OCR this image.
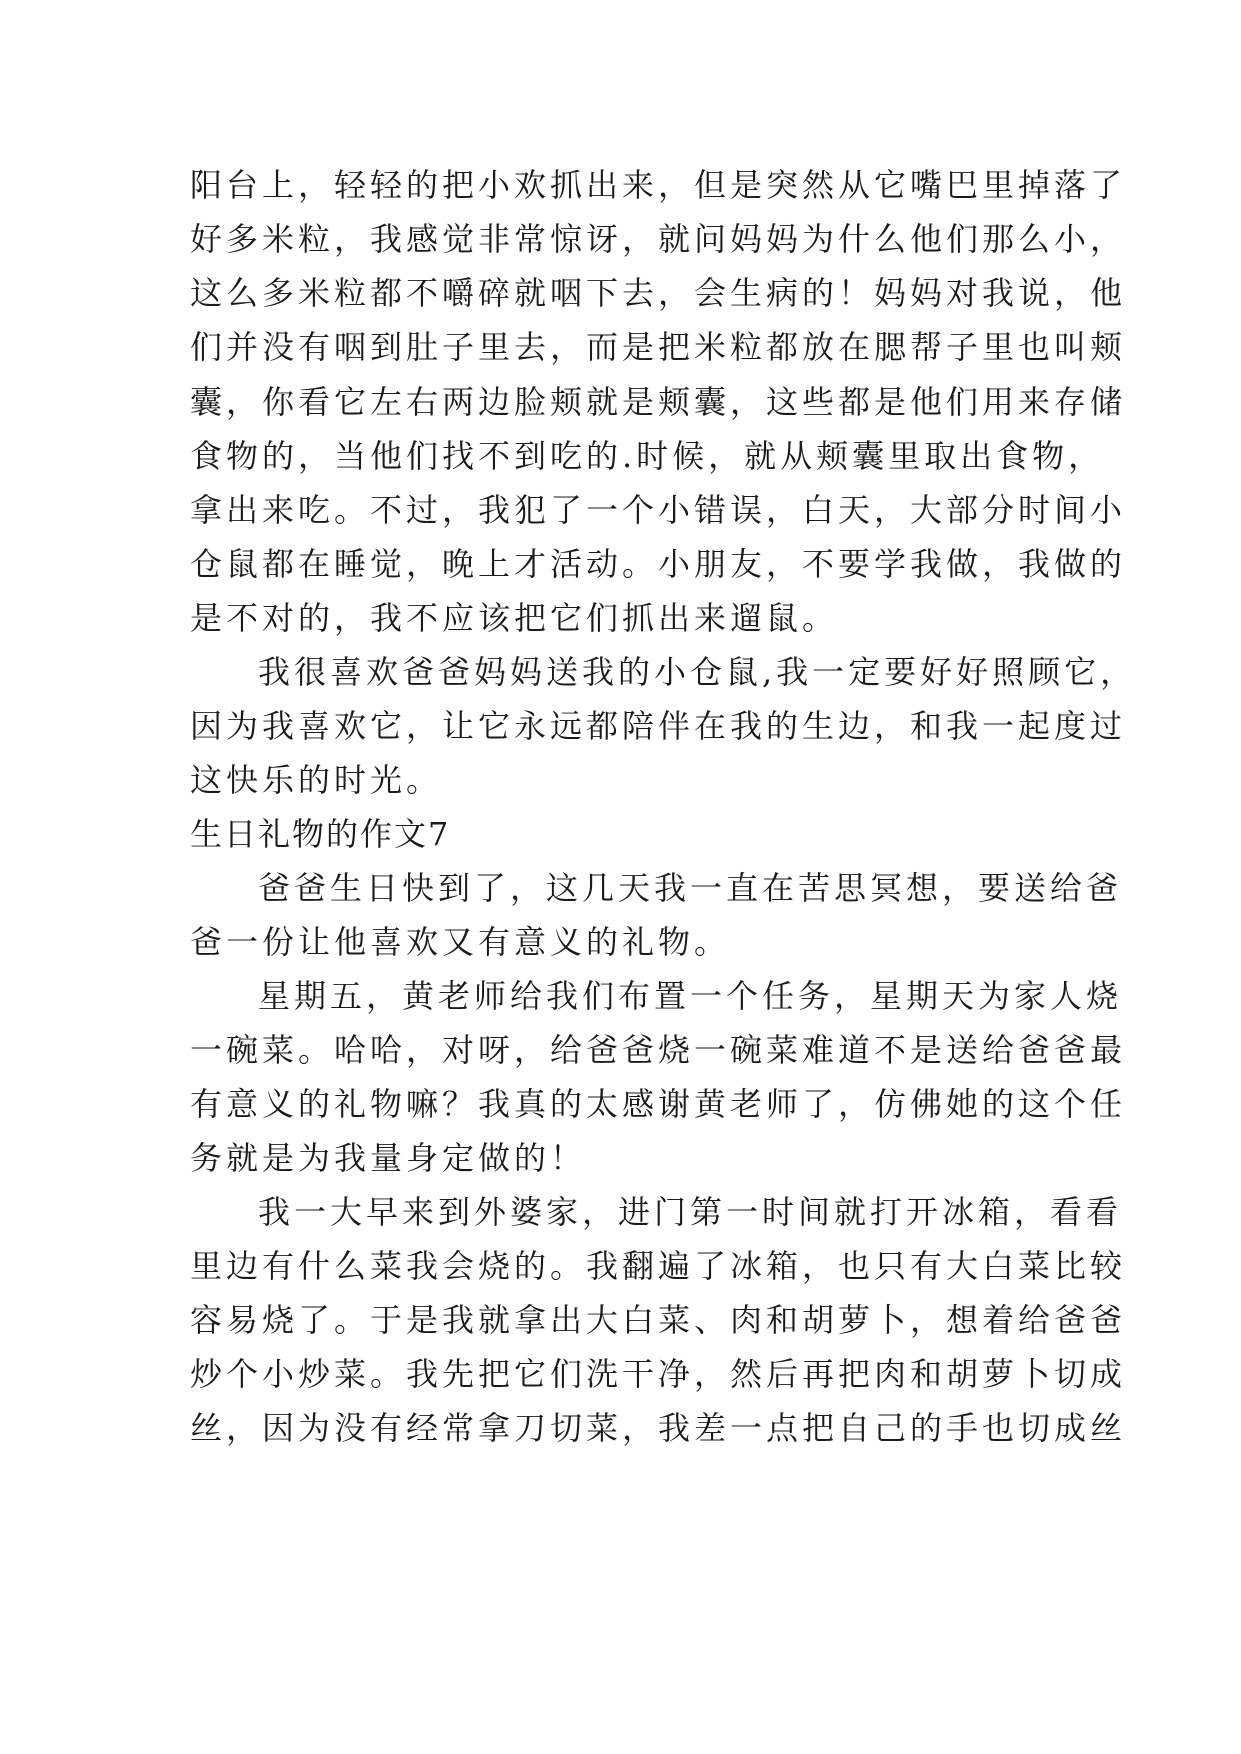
阳台上，轻轻的把小欢抓出来，但是突然从它嘴巴里掉落了
好多米粒，我感觉非常惊讶，就问妈妈为什么他们那么小，
这么多米粒都不嚼碎就咽下去，会生病的！妈妈对我说，他
们并没有咽到肚子里去，而是把米粒都放在腮帮子里也叫颊
囊，你看它左右两边脸颊就是颊囊，这些都是他们用来存储
食物的，当他们找不到吃的.时候，就从颊囊里取出食物，
拿出来吃。不过，我犯了一个小错误，白天，大部分时间小
仓鼠都在睡觉，晚上才活动。小朋友，不要学我做，我做的
是不对的，我不应该把它们抓出来遛鼠。
我很喜欢爸爸妈妈送我的小仓鼠,我一定要好好照顾它，
因为我喜欢它，让它永远都陪伴在我的生边，和我一起度过
这快乐的时光。
生日礼物的作文7
爸爸生日快到了，这几天我一直在苦思冥想，要送给爸
爸一份让他喜欢又有意义的礼物。
星期五，黄老师给我们布置一个任务，星期天为家人烧
一碗菜。哈哈，对呀，给爸爸烧一碗菜难道不是送给爸爸最
有意义的礼物嘛？我真的太感谢黄老师了，仿佛她的这个任
务就是为我量身定做的！
我一大早来到外婆家，进门第一时间就打开冰箱，看看
里边有什么菜我会烧的。我翻遍了冰箱，也只有大白菜比较
容易烧了。于是我就拿出大白菜、肉和胡萝卜，想着给爸爸
炒个小炒菜。我先把它们洗干净，然后再把肉和胡萝卜切成
丝，因为没有经常拿刀切菜，我差一点把自己的手也切成丝
